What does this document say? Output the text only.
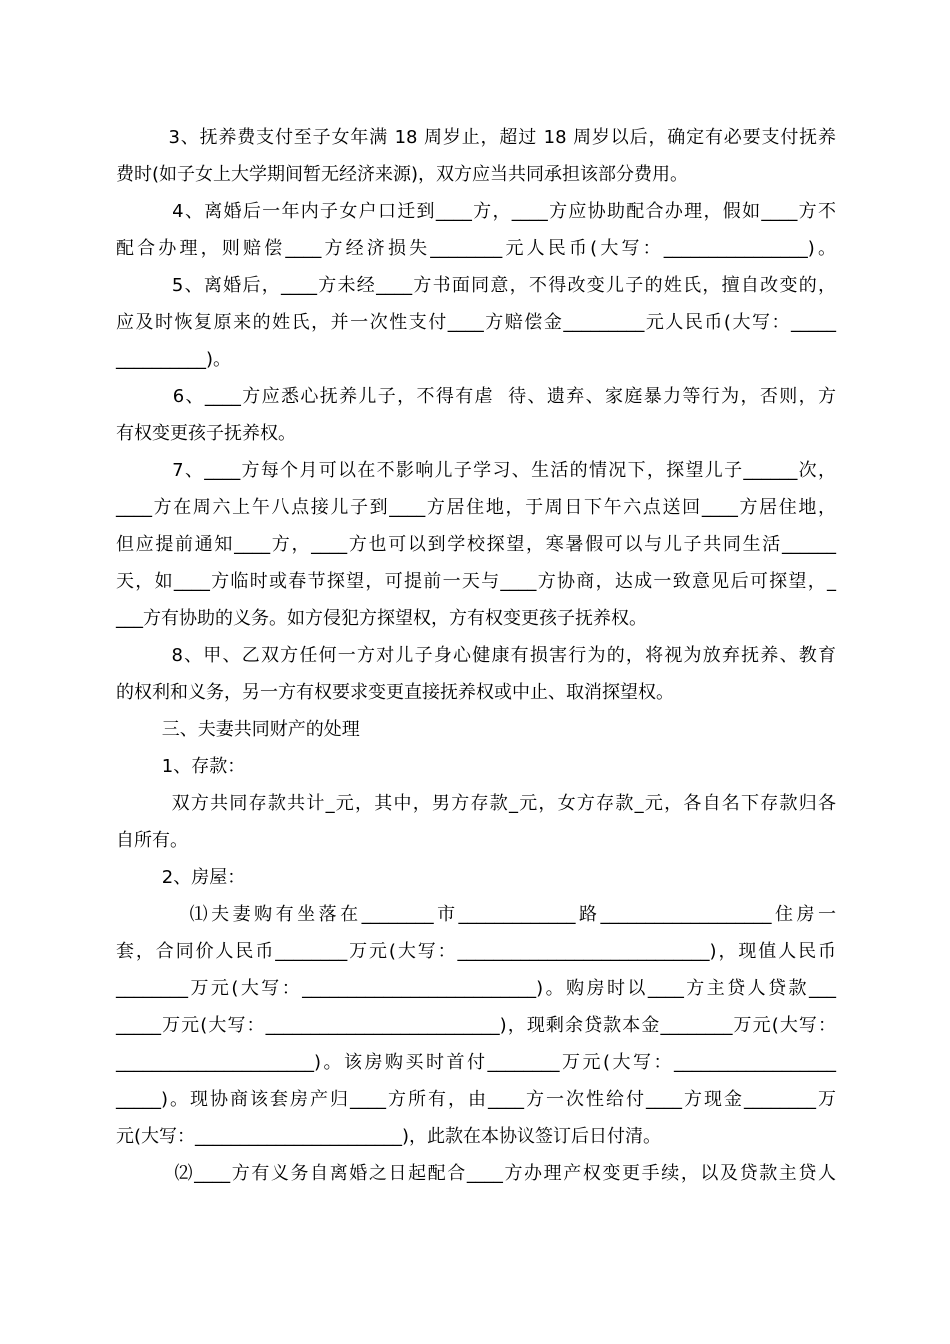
3、抚养费支付至子女年满 18 周岁止，超过 18 周岁以后，确定有必要支付抚养
费时(如子女上大学期间暂无经济来源)，双方应当共同承担该部分费用。
4、离婚后一年内子女户口迁到____方，____方应协助配合办理，假如____方不
配合办理，则赔偿____方经济损失________元人民币(大写：________________)。
5、离婚后，____方未经____方书面同意，不得改变儿子的姓氏，擅自改变的，
应及时恢复原来的姓氏，并一次性支付____方赔偿金_________元人民币(大写：_____
__________)。
6、____方应悉心抚养儿子，不得有虐  待、遗弃、家庭暴力等行为，否则，方
有权变更孩子抚养权。
7、____方每个月可以在不影响儿子学习、生活的情况下，探望儿子______次，
____方在周六上午八点接儿子到____方居住地，于周日下午六点送回____方居住地，
但应提前通知____方，____方也可以到学校探望，寒暑假可以与儿子共同生活______
天，如____方临时或春节探望，可提前一天与____方协商，达成一致意见后可探望，_
___方有协助的义务。如方侵犯方探望权，方有权变更孩子抚养权。
8、甲、乙双方任何一方对儿子身心健康有损害行为的，将视为放弃抚养、教育
的权利和义务，另一方有权要求变更直接抚养权或中止、取消探望权。
三、夫妻共同财产的处理
1、存款：
双方共同存款共计_元，其中，男方存款_元，女方存款_元，各自名下存款归各
自所有。
2、房屋：
⑴夫妻购有坐落在________市_____________路___________________住房一
套，合同价人民币________万元(大写：____________________________)，现值人民币
________万元(大写：__________________________)。购房时以____方主贷人贷款___
_____万元(大写：__________________________)，现剩余贷款本金________万元(大写：
______________________)。该房购买时首付________万元(大写：__________________
_____)。现协商该套房产归____方所有，由____方一次性给付____方现金________万
元(大写：_______________________)，此款在本协议签订后日付清。
⑵____方有义务自离婚之日起配合____方办理产权变更手续，以及贷款主贷人
